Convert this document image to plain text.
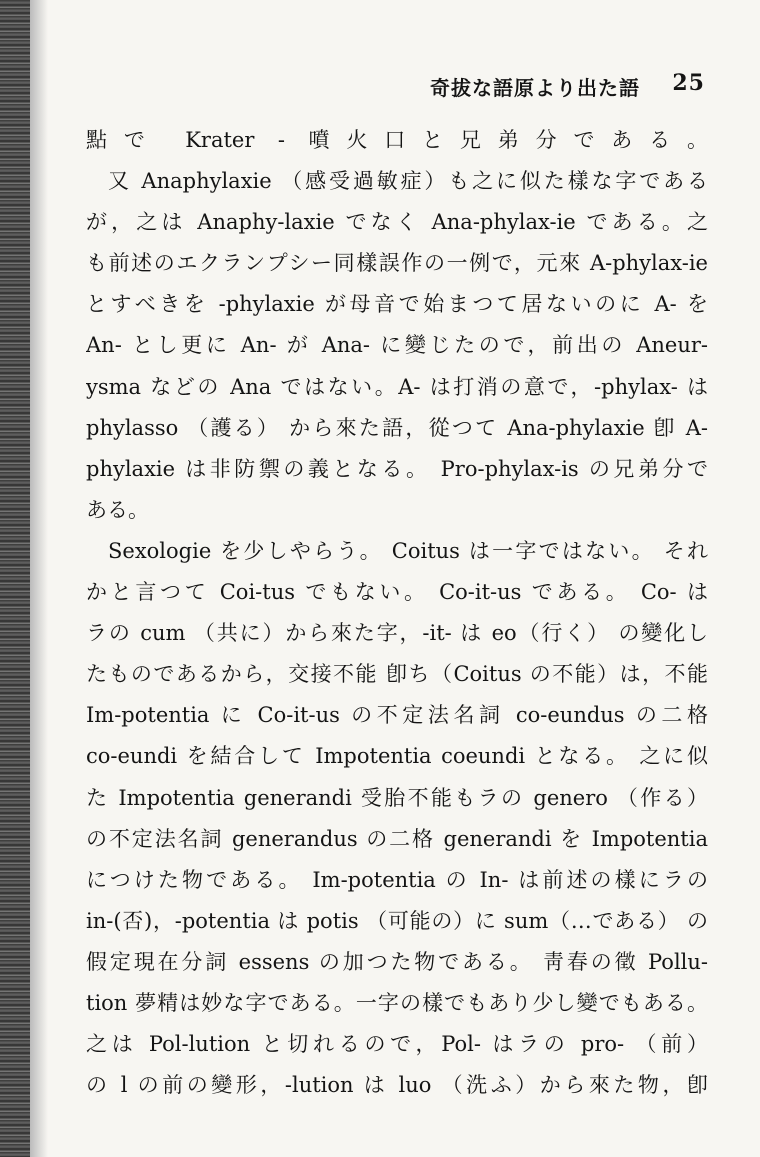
奇拔な語原より出た語 25
點で Krater - 噴火口と兄弟分である。
又 Anaphylaxie （感受過敏症）も之に似た樣な字である
が，之は Anaphy-laxie でなく Ana-phylax-ie である。之
も前述のエクランプシー同樣誤作の一例で，元來 A-phylax-ie
とすべきを -phylaxie が母音で始まつて居ないのに A- を
An- とし更に An- が Ana- に變じたので，前出の Aneur-
ysma などの Ana ではない。A- は打消の意で，-phylax- は
phylasso （護る） から來た語，從つて Ana-phylaxie 卽 A-
phylaxie は非防禦の義となる。 Pro-phylax-is の兄弟分で
ある。
Sexologie を少しやらう。 Coitus は一字ではない。 それ
かと言つて Coi-tus でもない。 Co-it-us である。 Co- は
ラの cum （共に）から來た字，-it- は eo（行く） の變化し
たものであるから，交接不能 卽ち（Coitus の不能）は，不能
Im-potentia に Co-it-us の不定法名詞 co-eundus の二格
co-eundi を結合して Impotentia coeundi となる。 之に似
た Impotentia generandi 受胎不能もラの genero （作る）
の不定法名詞 generandus の二格 generandi を Impotentia
につけた物である。 Im-potentia の In- は前述の樣にラの
in-(否)，-potentia は potis （可能の）に sum（…である） の
假定現在分詞 essens の加つた物である。 靑春の徵 Pollu-
tion 夢精は妙な字である。一字の樣でもあり少し變でもある。
之は Pol-lution と切れるので，Pol- はラの pro- （前）
の l の前の變形，-lution は luo （洗ふ）から來た物，卽
